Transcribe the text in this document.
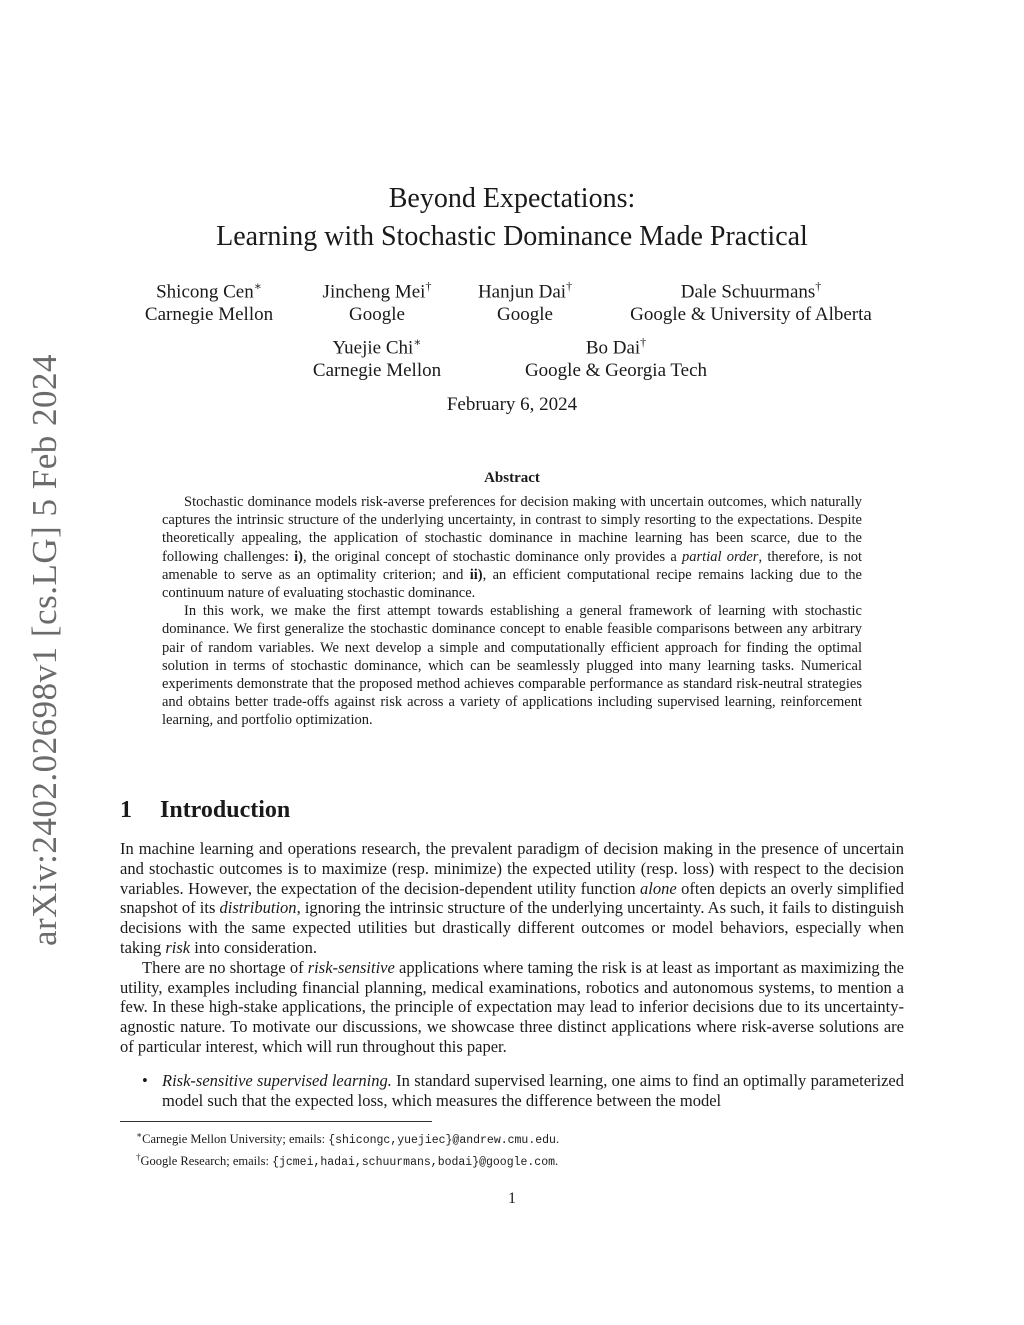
arXiv:2402.02698v1 [cs.LG] 5 Feb 2024
Beyond Expectations:
Learning with Stochastic Dominance Made Practical
Shicong Cen∗
Carnegie Mellon
Jincheng Mei†
Google
Hanjun Dai†
Google
Dale Schuurmans†
Google & University of Alberta
Yuejie Chi∗
Carnegie Mellon
Bo Dai†
Google & Georgia Tech
February 6, 2024
Abstract

Stochastic dominance models risk-averse preferences for decision making with uncertain outcomes, which naturally captures the intrinsic structure of the underlying uncertainty, in contrast to simply resorting to the expectations. Despite theoretically appealing, the application of stochastic dominance in machine learning has been scarce, due to the following challenges: i), the original concept of stochastic dominance only provides a partial order, therefore, is not amenable to serve as an optimality criterion; and ii), an efficient computational recipe remains lacking due to the continuum nature of evaluating stochastic dominance.

In this work, we make the first attempt towards establishing a general framework of learning with stochastic dominance. We first generalize the stochastic dominance concept to enable feasible comparisons between any arbitrary pair of random variables. We next develop a simple and computationally efficient approach for finding the optimal solution in terms of stochastic dominance, which can be seamlessly plugged into many learning tasks. Numerical experiments demonstrate that the proposed method achieves comparable performance as standard risk-neutral strategies and obtains better trade-offs against risk across a variety of applications including supervised learning, reinforcement learning, and portfolio optimization.

1 Introduction

In machine learning and operations research, the prevalent paradigm of decision making in the presence of uncertain and stochastic outcomes is to maximize (resp. minimize) the expected utility (resp. loss) with respect to the decision variables. However, the expectation of the decision-dependent utility function alone often depicts an overly simplified snapshot of its distribution, ignoring the intrinsic structure of the underlying uncertainty. As such, it fails to distinguish decisions with the same expected utilities but drastically different outcomes or model behaviors, especially when taking risk into consideration.

There are no shortage of risk-sensitive applications where taming the risk is at least as important as maximizing the utility, examples including financial planning, medical examinations, robotics and autonomous systems, to mention a few. In these high-stake applications, the principle of expectation may lead to inferior decisions due to its uncertainty-agnostic nature. To motivate our discussions, we showcase three distinct applications where risk-averse solutions are of particular interest, which will run throughout this paper.

• Risk-sensitive supervised learning. In standard supervised learning, one aims to find an optimally parameterized model such that the expected loss, which measures the difference between the model
∗Carnegie Mellon University; emails: {shicongc,yuejiec}@andrew.cmu.edu.
†Google Research; emails: {jcmei,hadai,schuurmans,bodai}@google.com.
1
